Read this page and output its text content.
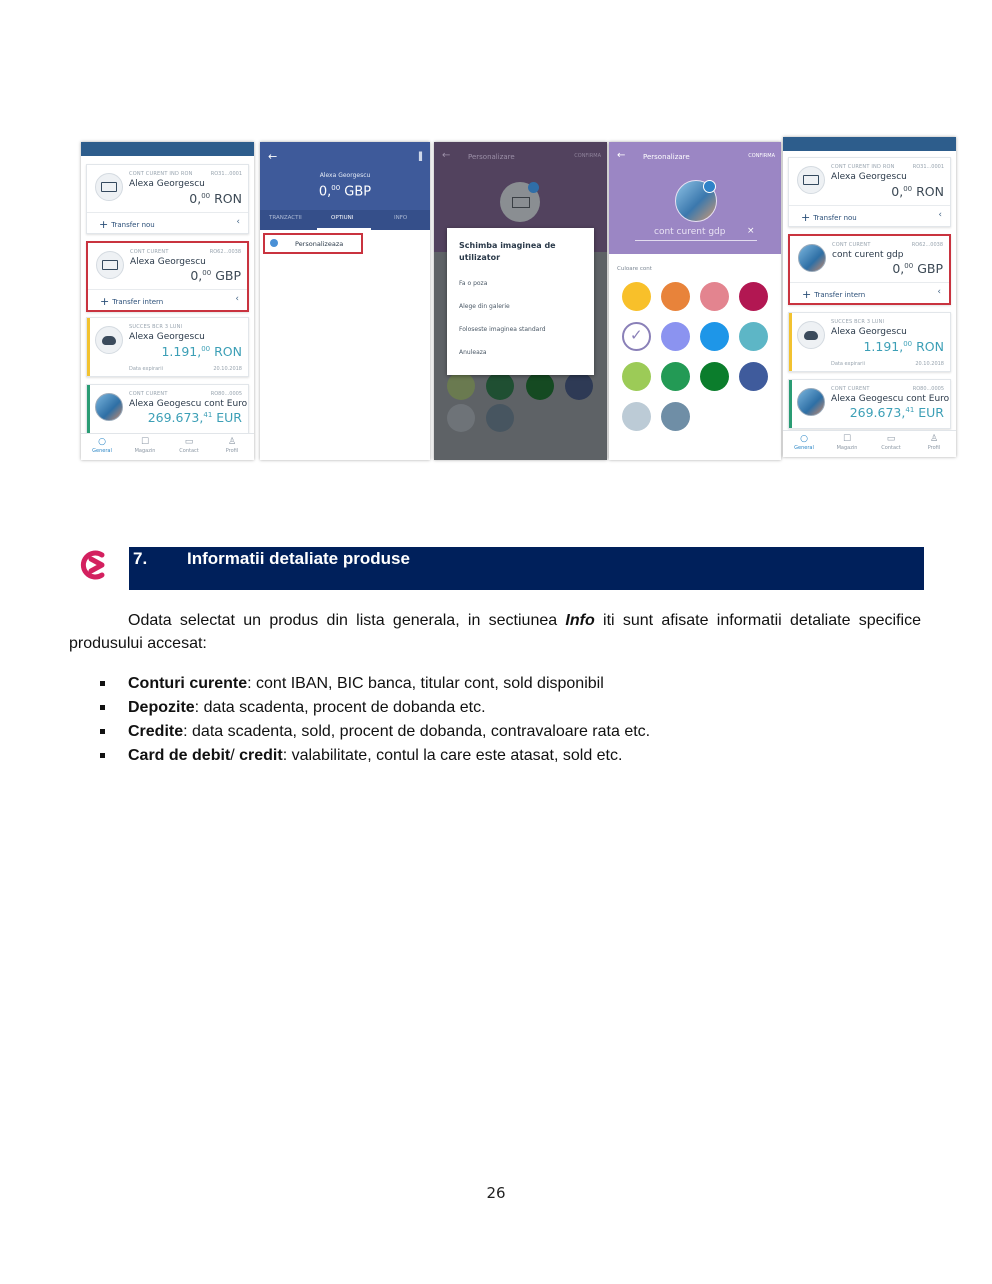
CONT CURENT IND RON	RO31...0001
Alexa Georgescu
0,00 RON
+ Transfer nou	‹
CONT CURENT	RO62...0038
Alexa Georgescu
0,00 GBP
+ Transfer intern	‹
SUCCES BCR 3 LUNI
Alexa Georgescu
1.191,00 RON
Data expirarii	20.10.2018
CONT CURENT	RO80...0005
Alexa Geogescu cont Euro
269.673,41 EUR
○
General
☐
Magazin
▭
Contact
♙
Profil
←	▐
Alexa Georgescu
0,00 GBP
TRANZACTII	OPTIUNI	INFO
Personalizeaza
←	Personalizare	CONFIRMA
Schimba imaginea de utilizator
Fa o poza
Alege din galerie
Foloseste imaginea standard
Anuleaza
←	Personalizare	CONFIRMA
cont curent gdp ×
Culoare cont
✓
CONT CURENT IND RON	RO31...0001
Alexa Georgescu
0,00 RON
+ Transfer nou	‹
CONT CURENT	RO62...0038
cont curent gdp
0,00 GBP
+ Transfer intern	‹
SUCCES BCR 3 LUNI
Alexa Georgescu
1.191,00 RON
Data expirarii	20.10.2018
CONT CURENT	RO80...0005
Alexa Geogescu cont Euro
269.673,41 EUR
○
General
☐
Magazin
▭
Contact
♙
Profil
7. Informatii detaliate produse
Odata selectat un produs din lista generala, in sectiunea Info iti sunt afisate informatii detaliate specifice produsului accesat:
Conturi curente: cont IBAN, BIC banca, titular cont, sold disponibil
Depozite: data scadenta, procent de dobanda etc.
Credite: data scadenta, sold, procent de dobanda, contravaloare rata etc.
Card de debit/ credit: valabilitate, contul la care este atasat, sold etc.
26
